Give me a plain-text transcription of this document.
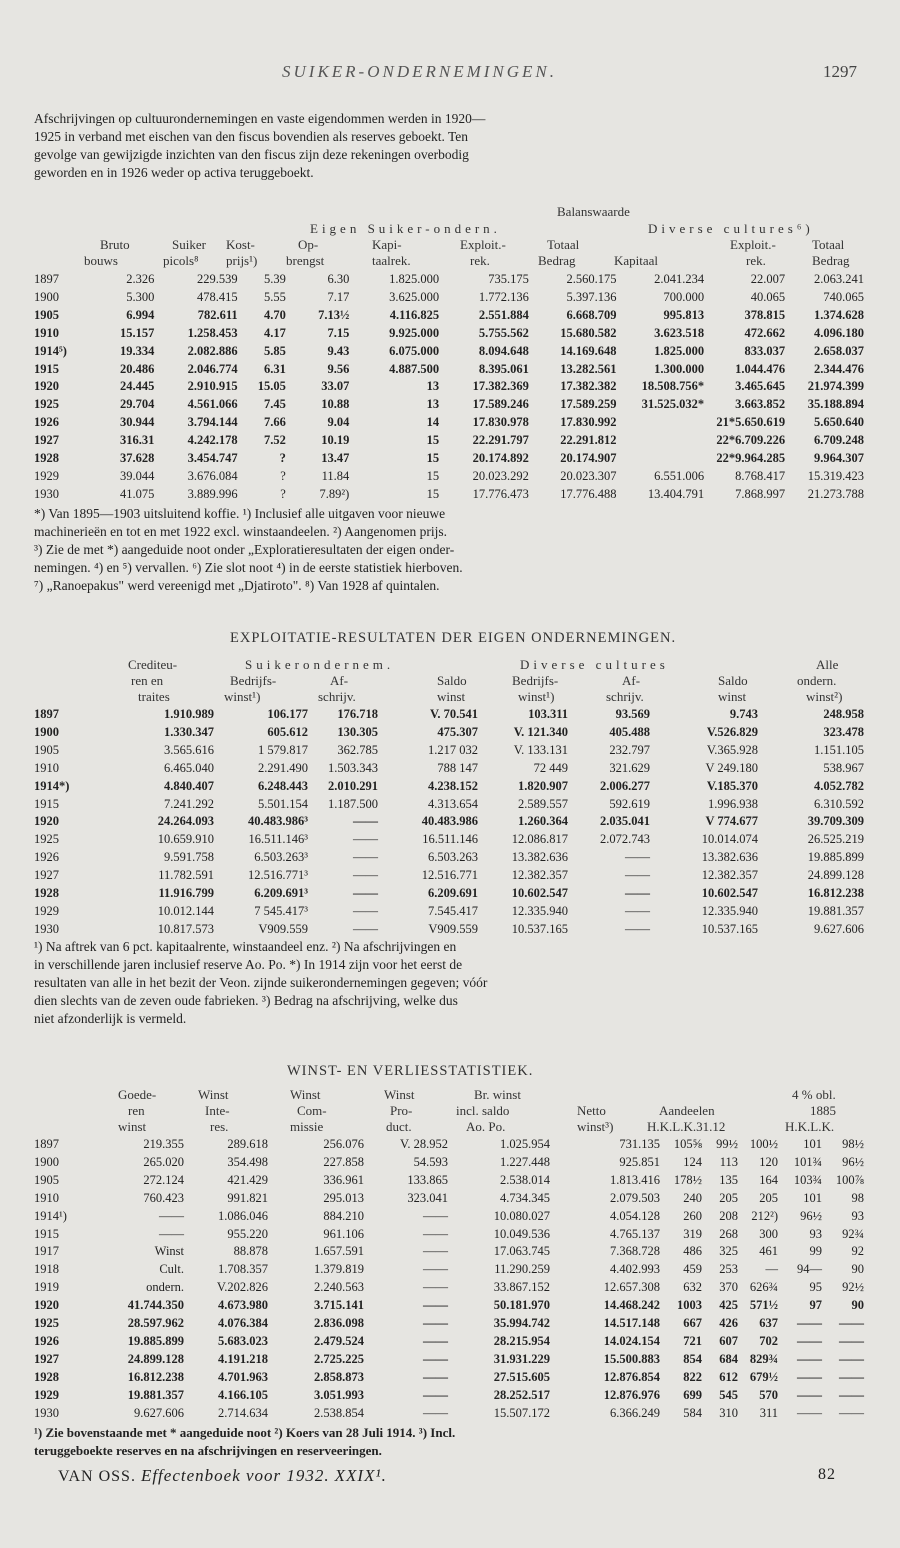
SUIKER-ONDERNEMINGEN.	1297

Afschrijvingen op cultuurondernemingen en vaste eigendommen werden in 1920—

1925 in verband met eischen van den fiscus bovendien als reserves geboekt. Ten

gevolge van gewijzigde inzichten van den fiscus zijn deze rekeningen overbodig

geworden en in 1926 weder op activa teruggeboekt.

Balanswaarde
Eigen Suiker-ondern.	Diverse cultures⁶)
Bruto	Suiker Kost-	Op-	Kapi-	Exploit.-	Totaal	Exploit.-	Totaal
bouws	picols⁸ prijs¹) brengst	taalrek.	rek.	Bedrag	Kapitaal	rek.	Bedrag
1897	2.326	229.539	5.39	6.30	1.825.000	735.175	2.560.175	2.041.234	22.007	2.063.241
1900	5.300	478.415	5.55	7.17	3.625.000	1.772.136	5.397.136	700.000	40.065	740.065
1905	6.994	782.611	4.70	7.13½	4.116.825	2.551.884	6.668.709	995.813	378.815	1.374.628
1910	15.157	1.258.453	4.17	7.15	9.925.000	5.755.562	15.680.582	3.623.518	472.662	4.096.180
1914⁵)	19.334	2.082.886	5.85	9.43	6.075.000	8.094.648	14.169.648	1.825.000	833.037	2.658.037
1915	20.486	2.046.774	6.31	9.56	4.887.500	8.395.061	13.282.561	1.300.000	1.044.476	2.344.476
1920	24.445	2.910.915	15.05	33.07	13	17.382.369	17.382.382	18.508.756*	3.465.645	21.974.399
1925	29.704	4.561.066	7.45	10.88	13	17.589.246	17.589.259	31.525.032*	3.663.852	35.188.894
1926	30.944	3.794.144	7.66	9.04	14	17.830.978	17.830.992		21*5.650.619	5.650.640
1927	316.31	4.242.178	7.52	10.19	15	22.291.797	22.291.812		22*6.709.226	6.709.248
1928	37.628	3.454.747	?	13.47	15	20.174.892	20.174.907		22*9.964.285	9.964.307
1929	39.044	3.676.084	?	11.84	15	20.023.292	20.023.307	6.551.006	8.768.417	15.319.423
1930	41.075	3.889.996	?	7.89²)	15	17.776.473	17.776.488	13.404.791	7.868.997	21.273.788

*) Van 1895—1903 uitsluitend koffie. ¹) Inclusief alle uitgaven voor nieuwe

machinerieën en tot en met 1922 excl. winstaandeelen. ²) Aangenomen prijs.

³) Zie de met *) aangeduide noot onder „Exploratieresultaten der eigen onder-

nemingen. ⁴) en ⁵) vervallen. ⁶) Zie slot noot ⁴) in de eerste statistiek hierboven.

⁷) „Ranoepakus" werd vereenigd met „Djatiroto". ⁸) Van 1928 af quintalen.

EXPLOITATIE-RESULTATEN DER EIGEN ONDERNEMINGEN.
Suikerondernem.	Diverse cultures
Crediteu-	Alle
ren en	Bedrijfs-	Af-	Saldo	Bedrijfs-	Af-	Saldo	ondern.
traites	winst¹)	schrijv.	winst	winst¹)	schrijv.	winst	winst²)
1897	1.910.989	106.177	176.718	V. 70.541	103.311	93.569	9.743	248.958
1900	1.330.347	605.612	130.305	475.307	V. 121.340	405.488	V.526.829	323.478
1905	3.565.616	1 579.817	362.785	1.217 032	V. 133.131	232.797	V.365.928	1.151.105
1910	6.465.040	2.291.490	1.503.343	788 147	72 449	321.629	V 249.180	538.967
1914*)	4.840.407	6.248.443	2.010.291	4.238.152	1.820.907	2.006.277	V.185.370	4.052.782
1915	7.241.292	5.501.154	1.187.500	4.313.654	2.589.557	592.619	1.996.938	6.310.592
1920	24.264.093	40.483.986³	——	40.483.986	1.260.364	2.035.041	V 774.677	39.709.309
1925	10.659.910	16.511.146³	——	16.511.146	12.086.817	2.072.743	10.014.074	26.525.219
1926	9.591.758	6.503.263³	——	6.503.263	13.382.636	——	13.382.636	19.885.899
1927	11.782.591	12.516.771³	——	12.516.771	12.382.357	——	12.382.357	24.899.128
1928	11.916.799	6.209.691³	——	6.209.691	10.602.547	——	10.602.547	16.812.238
1929	10.012.144	7 545.417³	——	7.545.417	12.335.940	——	12.335.940	19.881.357
1930	10.817.573	V909.559	——	V909.559	10.537.165	——	10.537.165	9.627.606

¹) Na aftrek van 6 pct. kapitaalrente, winstaandeel enz. ²) Na afschrijvingen en

in verschillende jaren inclusief reserve Ao. Po. *) In 1914 zijn voor het eerst de

resultaten van alle in het bezit der Veon. zijnde suikerondernemingen gegeven; vóór

dien slechts van de zeven oude fabrieken. ³) Bedrag na afschrijving, welke dus

niet afzonderlijk is vermeld.

WINST- EN VERLIESSTATISTIEK.
Goede-	Winst	Winst	Winst	Br. winst	4 % obl.
ren	Inte-	Com-	Pro-	incl. saldo	Netto	Aandeelen	1885
winst	res.	missie	duct.	Ao. Po.	winst³)	H.K.L.K.31.12	H.K.L.K.
1897	219.355	289.618	256.076	V. 28.952	1.025.954	731.135	105⅝	99½	100½	101	98½
1900	265.020	354.498	227.858	54.593	1.227.448	925.851	124	113	120	101¾	96½
1905	272.124	421.429	336.961	133.865	2.538.014	1.813.416	178½	135	164	103¾	100⅞
1910	760.423	991.821	295.013	323.041	4.734.345	2.079.503	240	205	205	101	98
1914¹)	——	1.086.046	884.210	——	10.080.027	4.054.128	260	208	212²)	96½	93
1915	——	955.220	961.106	——	10.049.536	4.765.137	319	268	300	93	92¾
1917	Winst	88.878	1.657.591	——	17.063.745	7.368.728	486	325	461	99	92
1918	Cult.	1.708.357	1.379.819	——	11.290.259	4.402.993	459	253	—	94—	90
1919	ondern.	V.202.826	2.240.563	——	33.867.152	12.657.308	632	370	626¾	95	92½
1920	41.744.350	4.673.980	3.715.141	——	50.181.970	14.468.242	1003	425	571½	97	90
1925	28.597.962	4.076.384	2.836.098	——	35.994.742	14.517.148	667	426	637	——	——
1926	19.885.899	5.683.023	2.479.524	——	28.215.954	14.024.154	721	607	702	——	——
1927	24.899.128	4.191.218	2.725.225	——	31.931.229	15.500.883	854	684	829¾	——	——
1928	16.812.238	4.701.963	2.858.873	——	27.515.605	12.876.854	822	612	679½	——	——
1929	19.881.357	4.166.105	3.051.993	——	28.252.517	12.876.976	699	545	570	——	——
1930	9.627.606	2.714.634	2.538.854	——	15.507.172	6.366.249	584	310	311	——	——

¹) Zie bovenstaande met * aangeduide noot ²) Koers van 28 Juli 1914. ³) Incl.

teruggeboekte reserves en na afschrijvingen en reserveeringen.

VAN OSS. Effectenboek voor 1932. XXIX¹.	82
